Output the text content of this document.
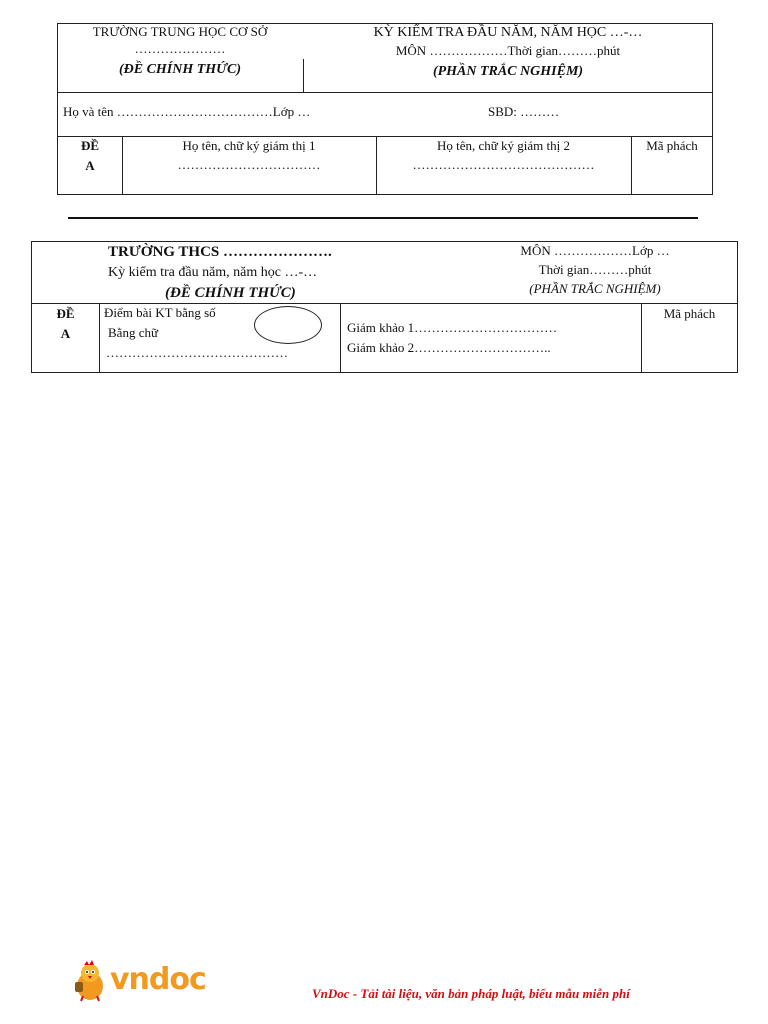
TRƯỜNG TRUNG HỌC CƠ SỞ
…………………
(ĐỀ CHÍNH THỨC)
KỲ KIỂM TRA ĐẦU NĂM, NĂM HỌC …-…
MÔN ………………Thời gian………phút
(PHẦN TRẮC NGHIỆM)
Họ và tên ………………………………Lớp …	SBD: ………
ĐỀ
A
Họ tên, chữ ký giám thị 1
……………………………
Họ tên, chữ ký giám thị 2
……………………………………
Mã phách
TRƯỜNG THCS ………………….
Kỳ kiểm tra đầu năm, năm học …-…
(ĐỀ CHÍNH THỨC)
MÔN ………………Lớp …
Thời gian………phút
(PHẦN TRẮC NGHIỆM)
ĐỀ
A
Điểm bài KT bằng số
Bằng chữ
……………………………………
Giám khảo 1……………………………
Giám khảo 2…………………………..
Mã phách
vndoc	VnDoc - Tải tài liệu, văn bản pháp luật, biểu mẫu miễn phí
